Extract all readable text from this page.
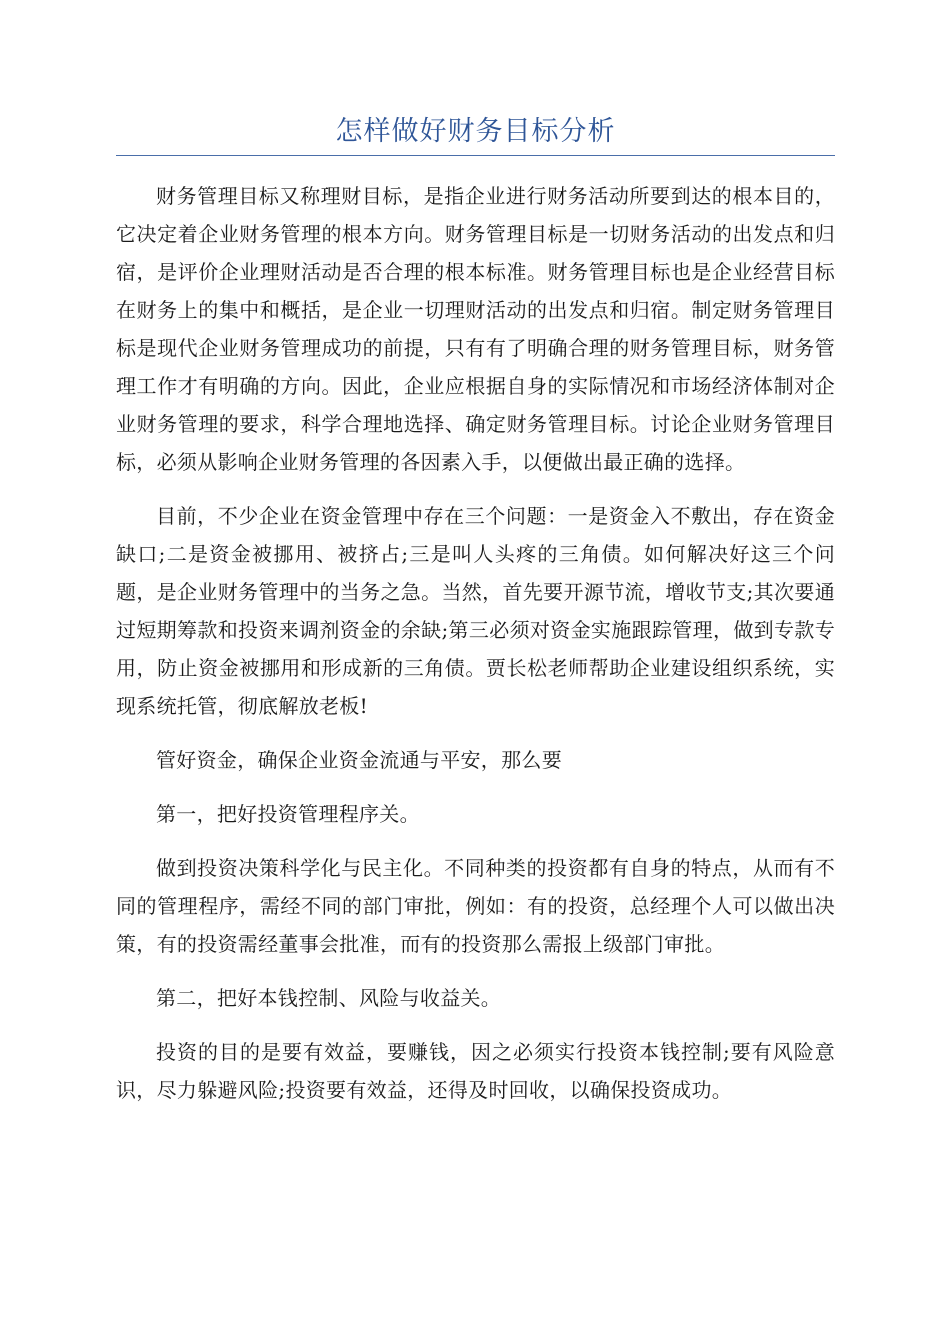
怎样做好财务目标分析

财务管理目标又称理财目标，是指企业进行财务活动所要到达的根本目的，它决定着企业财务管理的根本方向。财务管理目标是一切财务活动的出发点和归宿，是评价企业理财活动是否合理的根本标准。财务管理目标也是企业经营目标在财务上的集中和概括，是企业一切理财活动的出发点和归宿。制定财务管理目标是现代企业财务管理成功的前提，只有有了明确合理的财务管理目标，财务管理工作才有明确的方向。因此，企业应根据自身的实际情况和市场经济体制对企业财务管理的要求，科学合理地选择、确定财务管理目标。讨论企业财务管理目标，必须从影响企业财务管理的各因素入手，以便做出最正确的选择。

目前，不少企业在资金管理中存在三个问题：一是资金入不敷出，存在资金缺口;二是资金被挪用、被挤占;三是叫人头疼的三角债。如何解决好这三个问题，是企业财务管理中的当务之急。当然，首先要开源节流，增收节支;其次要通过短期筹款和投资来调剂资金的余缺;第三必须对资金实施跟踪管理，做到专款专用，防止资金被挪用和形成新的三角债。贾长松老师帮助企业建设组织系统，实现系统托管，彻底解放老板!

管好资金，确保企业资金流通与平安，那么要

第一，把好投资管理程序关。

做到投资决策科学化与民主化。不同种类的投资都有自身的特点，从而有不同的管理程序，需经不同的部门审批，例如：有的投资，总经理个人可以做出决策，有的投资需经董事会批准，而有的投资那么需报上级部门审批。

第二，把好本钱控制、风险与收益关。

投资的目的是要有效益，要赚钱，因之必须实行投资本钱控制;要有风险意识，尽力躲避风险;投资要有效益，还得及时回收，以确保投资成功。
